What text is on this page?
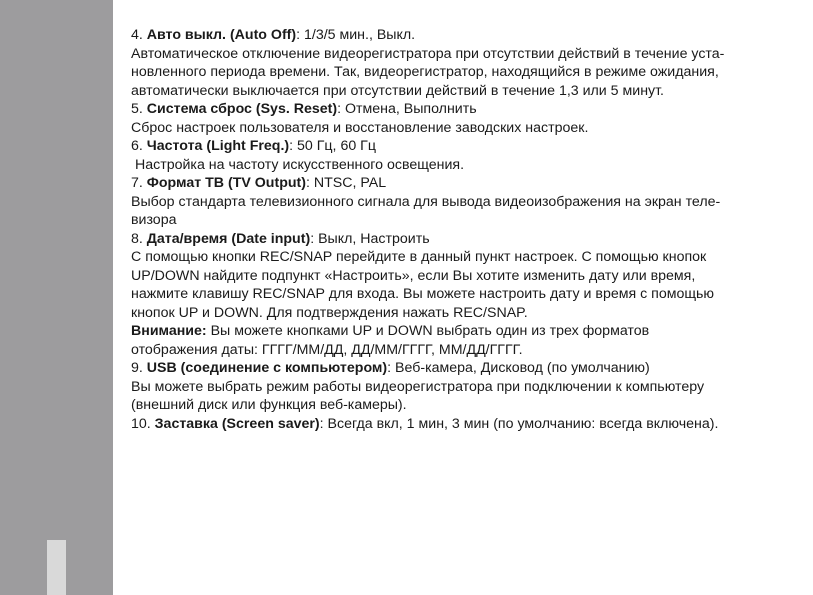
4. Авто выкл. (Auto Off): 1/3/5 мин., Выкл.
Автоматическое отключение видеорегистратора при отсутствии действий в течение уста-
новленного периода времени. Так, видеорегистратор, находящийся в режиме ожидания,
автоматически выключается при отсутствии действий в течение 1,3 или 5 минут.
5. Система сброс (Sys. Reset): Отмена, Выполнить
Сброс настроек пользователя и восстановление заводских настроек.
6. Частота (Light Freq.): 50 Гц, 60 Гц
Настройка на частоту искусственного освещения.
7. Формат ТВ (TV Output): NTSC, PAL
Выбор стандарта телевизионного сигнала для вывода видеоизображения на экран теле-
визора
8. Дата/время (Date input): Выкл, Настроить
С помощью кнопки REC/SNAP перейдите в данный пункт настроек. С помощью кнопок
UP/DOWN найдите подпункт «Настроить», если Вы хотите изменить дату или время,
нажмите клавишу REC/SNAP для входа. Вы можете настроить дату и время с помощью
кнопок UP и DOWN. Для подтверждения нажать REC/SNAP.
Внимание: Вы можете кнопками UP и DOWN выбрать один из трех форматов
отображения даты: ГГГГ/ММ/ДД, ДД/ММ/ГГГГ, ММ/ДД/ГГГГ.
9. USB (соединение с компьютером): Веб-камера, Дисковод (по умолчанию)
Вы можете выбрать режим работы видеорегистратора при подключении к компьютеру
(внешний диск или функция веб-камеры).
10. Заставка (Screen saver): Всегда вкл, 1 мин, 3 мин (по умолчанию: всегда включена).
